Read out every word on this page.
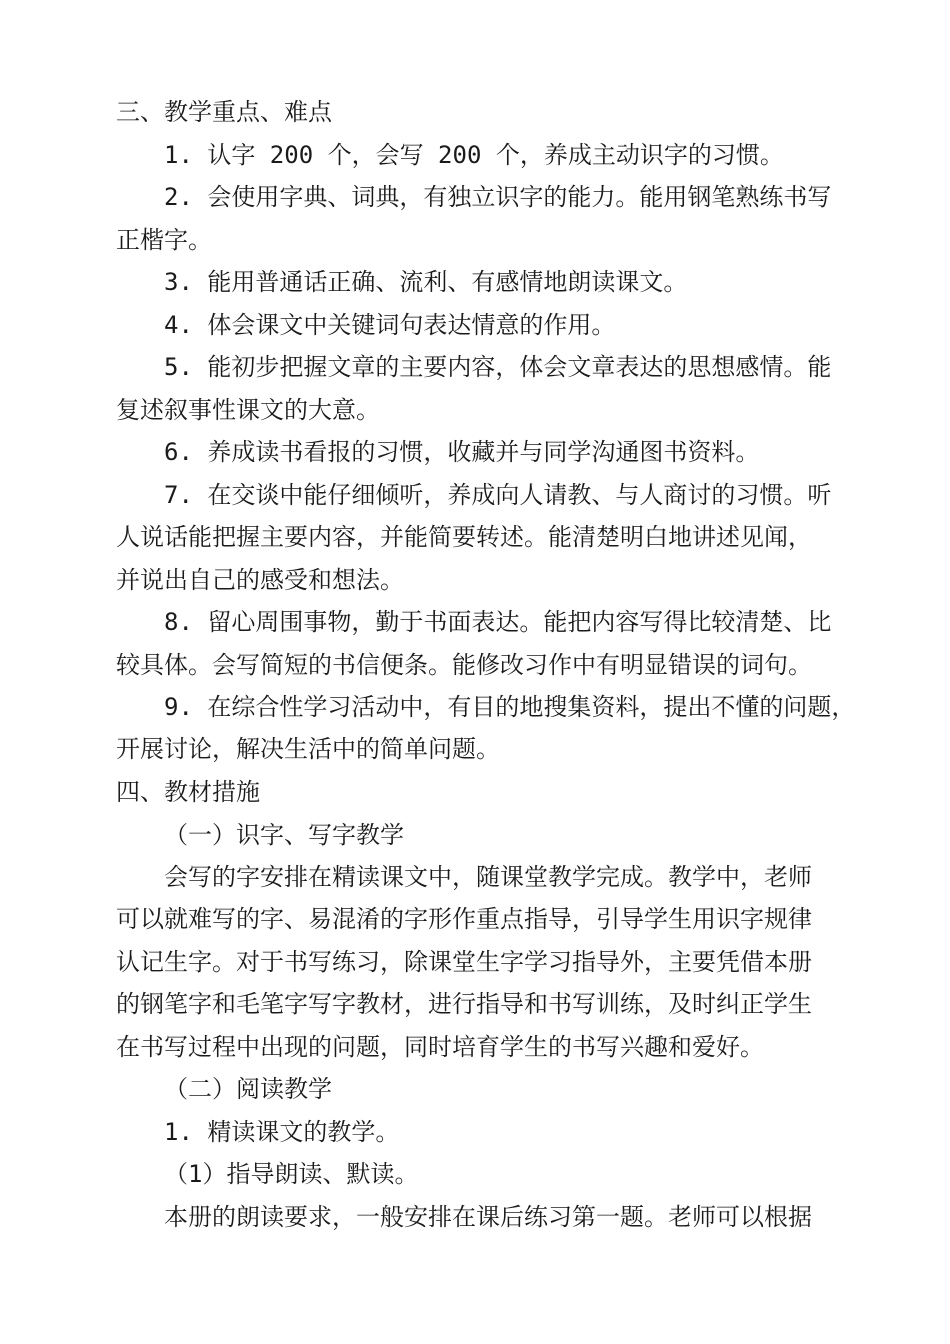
三、教学重点、难点
1. 认字 200 个，会写 200 个，养成主动识字的习惯。
2. 会使用字典、词典，有独立识字的能力。能用钢笔熟练书写
正楷字。
3. 能用普通话正确、流利、有感情地朗读课文。
4. 体会课文中关键词句表达情意的作用。
5. 能初步把握文章的主要内容，体会文章表达的思想感情。能
复述叙事性课文的大意。
6. 养成读书看报的习惯，收藏并与同学沟通图书资料。
7. 在交谈中能仔细倾听，养成向人请教、与人商讨的习惯。听
人说话能把握主要内容，并能简要转述。能清楚明白地讲述见闻，
并说出自己的感受和想法。
8. 留心周围事物，勤于书面表达。能把内容写得比较清楚、比
较具体。会写简短的书信便条。能修改习作中有明显错误的词句。
9. 在综合性学习活动中，有目的地搜集资料，提出不懂的问题，
开展讨论，解决生活中的简单问题。
四、教材措施
（一）识字、写字教学
会写的字安排在精读课文中，随课堂教学完成。教学中，老师
可以就难写的字、易混淆的字形作重点指导，引导学生用识字规律
认记生字。对于书写练习，除课堂生字学习指导外，主要凭借本册
的钢笔字和毛笔字写字教材，进行指导和书写训练，及时纠正学生
在书写过程中出现的问题，同时培育学生的书写兴趣和爱好。
（二）阅读教学
1. 精读课文的教学。
（1）指导朗读、默读。
本册的朗读要求，一般安排在课后练习第一题。老师可以根据
